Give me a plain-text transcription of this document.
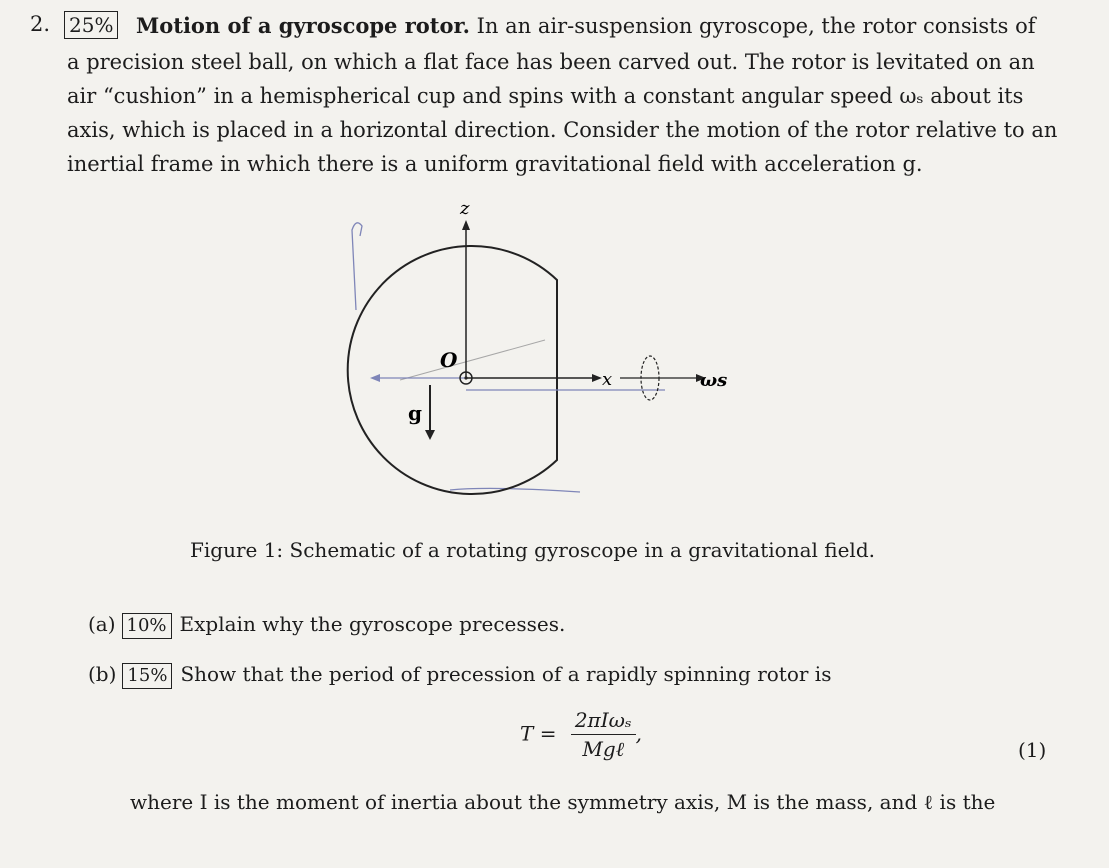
2. 25% Motion of a gyroscope rotor. In an air-suspension gyroscope, the rotor consists of
a precision steel ball, on which a flat face has been carved out. The rotor is levitated on an
air “cushion” in a hemispherical cup and spins with a constant angular speed ωₛ about its
axis, which is placed in a horizontal direction. Consider the motion of the rotor relative to an
inertial frame in which there is a uniform gravitational field with acceleration g.
z
x	ωs
O
g
Figure 1: Schematic of a rotating gyroscope in a gravitational field.
(a) 10% Explain why the gyroscope precesses.
(b) 15% Show that the period of precession of a rapidly spinning rotor is
$T = \frac{\text{2πIωₛ}}{\text{Mgℓ}}$ ,
(1)
where I is the moment of inertia about the symmetry axis, M is the mass, and ℓ is the
